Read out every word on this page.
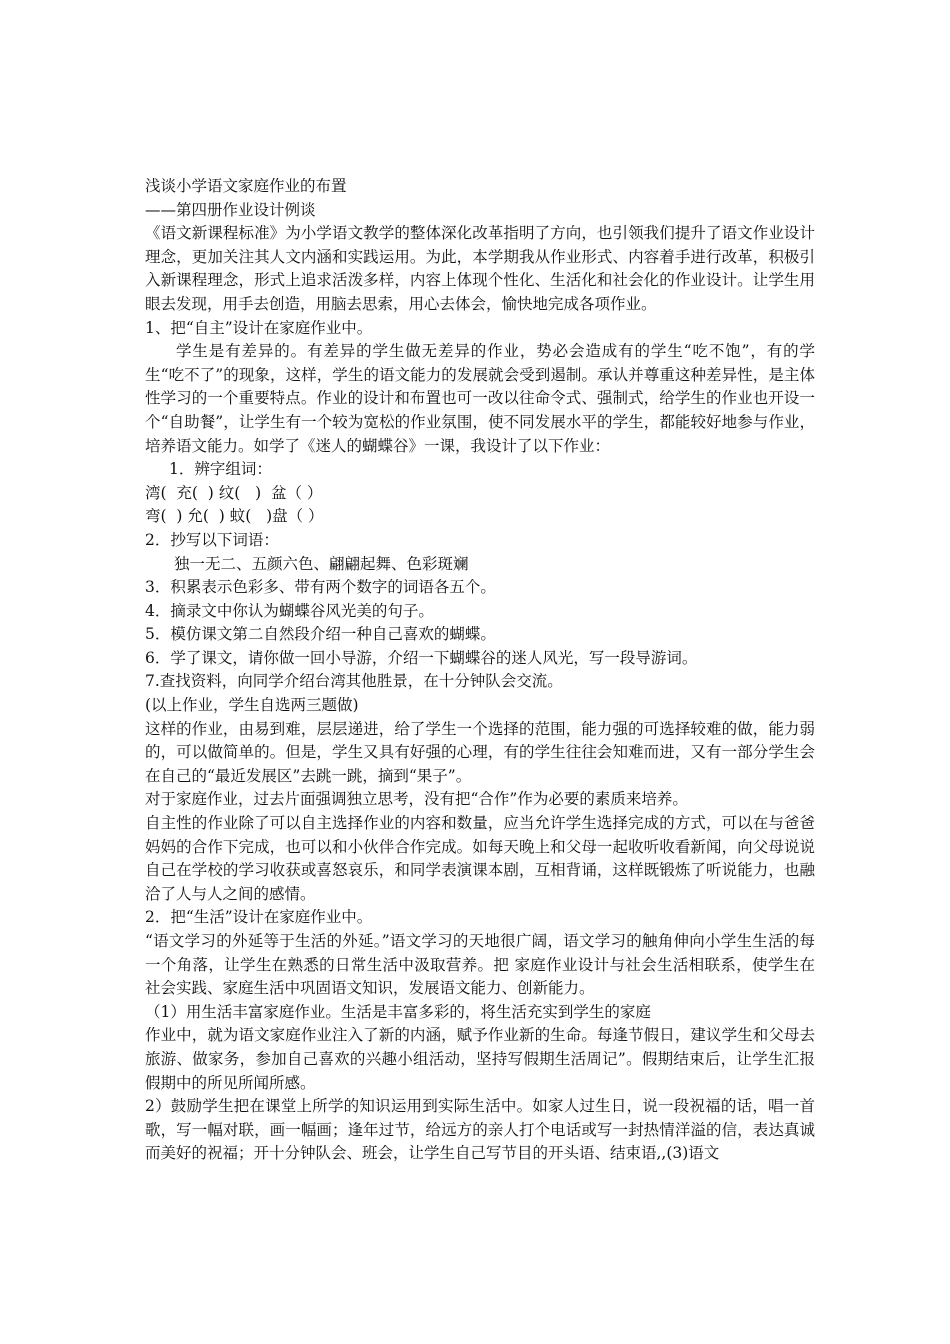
浅谈小学语文家庭作业的布置

——第四册作业设计例谈

《语文新课程标准》为小学语文教学的整体深化改革指明了方向，也引领我们提升了语文作业设计理念，更加关注其人文内涵和实践运用。为此，本学期我从作业形式、内容着手进行改革，积极引入新课程理念，形式上追求活泼多样，内容上体现个性化、生活化和社会化的作业设计。让学生用眼去发现，用手去创造，用脑去思索，用心去体会，愉快地完成各项作业。

1、把“自主”设计在家庭作业中。

学生是有差异的。有差异的学生做无差异的作业，势必会造成有的学生“吃不饱”，有的学生“吃不了”的现象，这样，学生的语文能力的发展就会受到遏制。承认并尊重这种差异性，是主体性学习的一个重要特点。作业的设计和布置也可一改以往命令式、强制式，给学生的作业也开设一个“自助餐”，让学生有一个较为宽松的作业氛围，使不同发展水平的学生，都能较好地参与作业，培养语文能力。如学了《迷人的蝴蝶谷》一课，我设计了以下作业：

1．辨字组词：

湾(  充(  ) 纹(   )  盆（ ）

弯(  ) 允(  ) 蚊(   )盘（ ）

2．抄写以下词语：

独一无二、五颜六色、翩翩起舞、色彩斑斓

3．积累表示色彩多、带有两个数字的词语各五个。

4．摘录文中你认为蝴蝶谷风光美的句子。

5．模仿课文第二自然段介绍一种自己喜欢的蝴蝶。

6．学了课文，请你做一回小导游，介绍一下蝴蝶谷的迷人风光，写一段导游词。

7.查找资料，向同学介绍台湾其他胜景，在十分钟队会交流。

(以上作业，学生自选两三题做)

这样的作业，由易到难，层层递进，给了学生一个选择的范围，能力强的可选择较难的做，能力弱的，可以做简单的。但是，学生又具有好强的心理，有的学生往往会知难而进，又有一部分学生会在自己的“最近发展区”去跳一跳，摘到“果子”。

对于家庭作业，过去片面强调独立思考，没有把“合作”作为必要的素质来培养。

自主性的作业除了可以自主选择作业的内容和数量，应当允许学生选择完成的方式，可以在与爸爸妈妈的合作下完成，也可以和小伙伴合作完成。如每天晚上和父母一起收听收看新闻，向父母说说自己在学校的学习收获或喜怒哀乐，和同学表演课本剧，互相背诵，这样既锻炼了听说能力，也融洽了人与人之间的感情。

2．把“生活”设计在家庭作业中。

“语文学习的外延等于生活的外延。”语文学习的天地很广阔，语文学习的触角伸向小学生生活的每一个角落，让学生在熟悉的日常生活中汲取营养。把 家庭作业设计与社会生活相联系，使学生在社会实践、家庭生活中巩固语文知识，发展语文能力、创新能力。

（1）用生活丰富家庭作业。生活是丰富多彩的，将生活充实到学生的家庭

作业中，就为语文家庭作业注入了新的内涵，赋予作业新的生命。每逢节假日，建议学生和父母去旅游、做家务，参加自己喜欢的兴趣小组活动，坚持写假期生活周记”。假期结束后，让学生汇报假期中的所见所闻所感。

2）鼓励学生把在课堂上所学的知识运用到实际生活中。如家人过生日，说一段祝福的话，唱一首歌，写一幅对联，画一幅画；逢年过节，给远方的亲人打个电话或写一封热情洋溢的信，表达真诚而美好的祝福；开十分钟队会、班会，让学生自己写节目的开头语、结束语,,(3)语文
